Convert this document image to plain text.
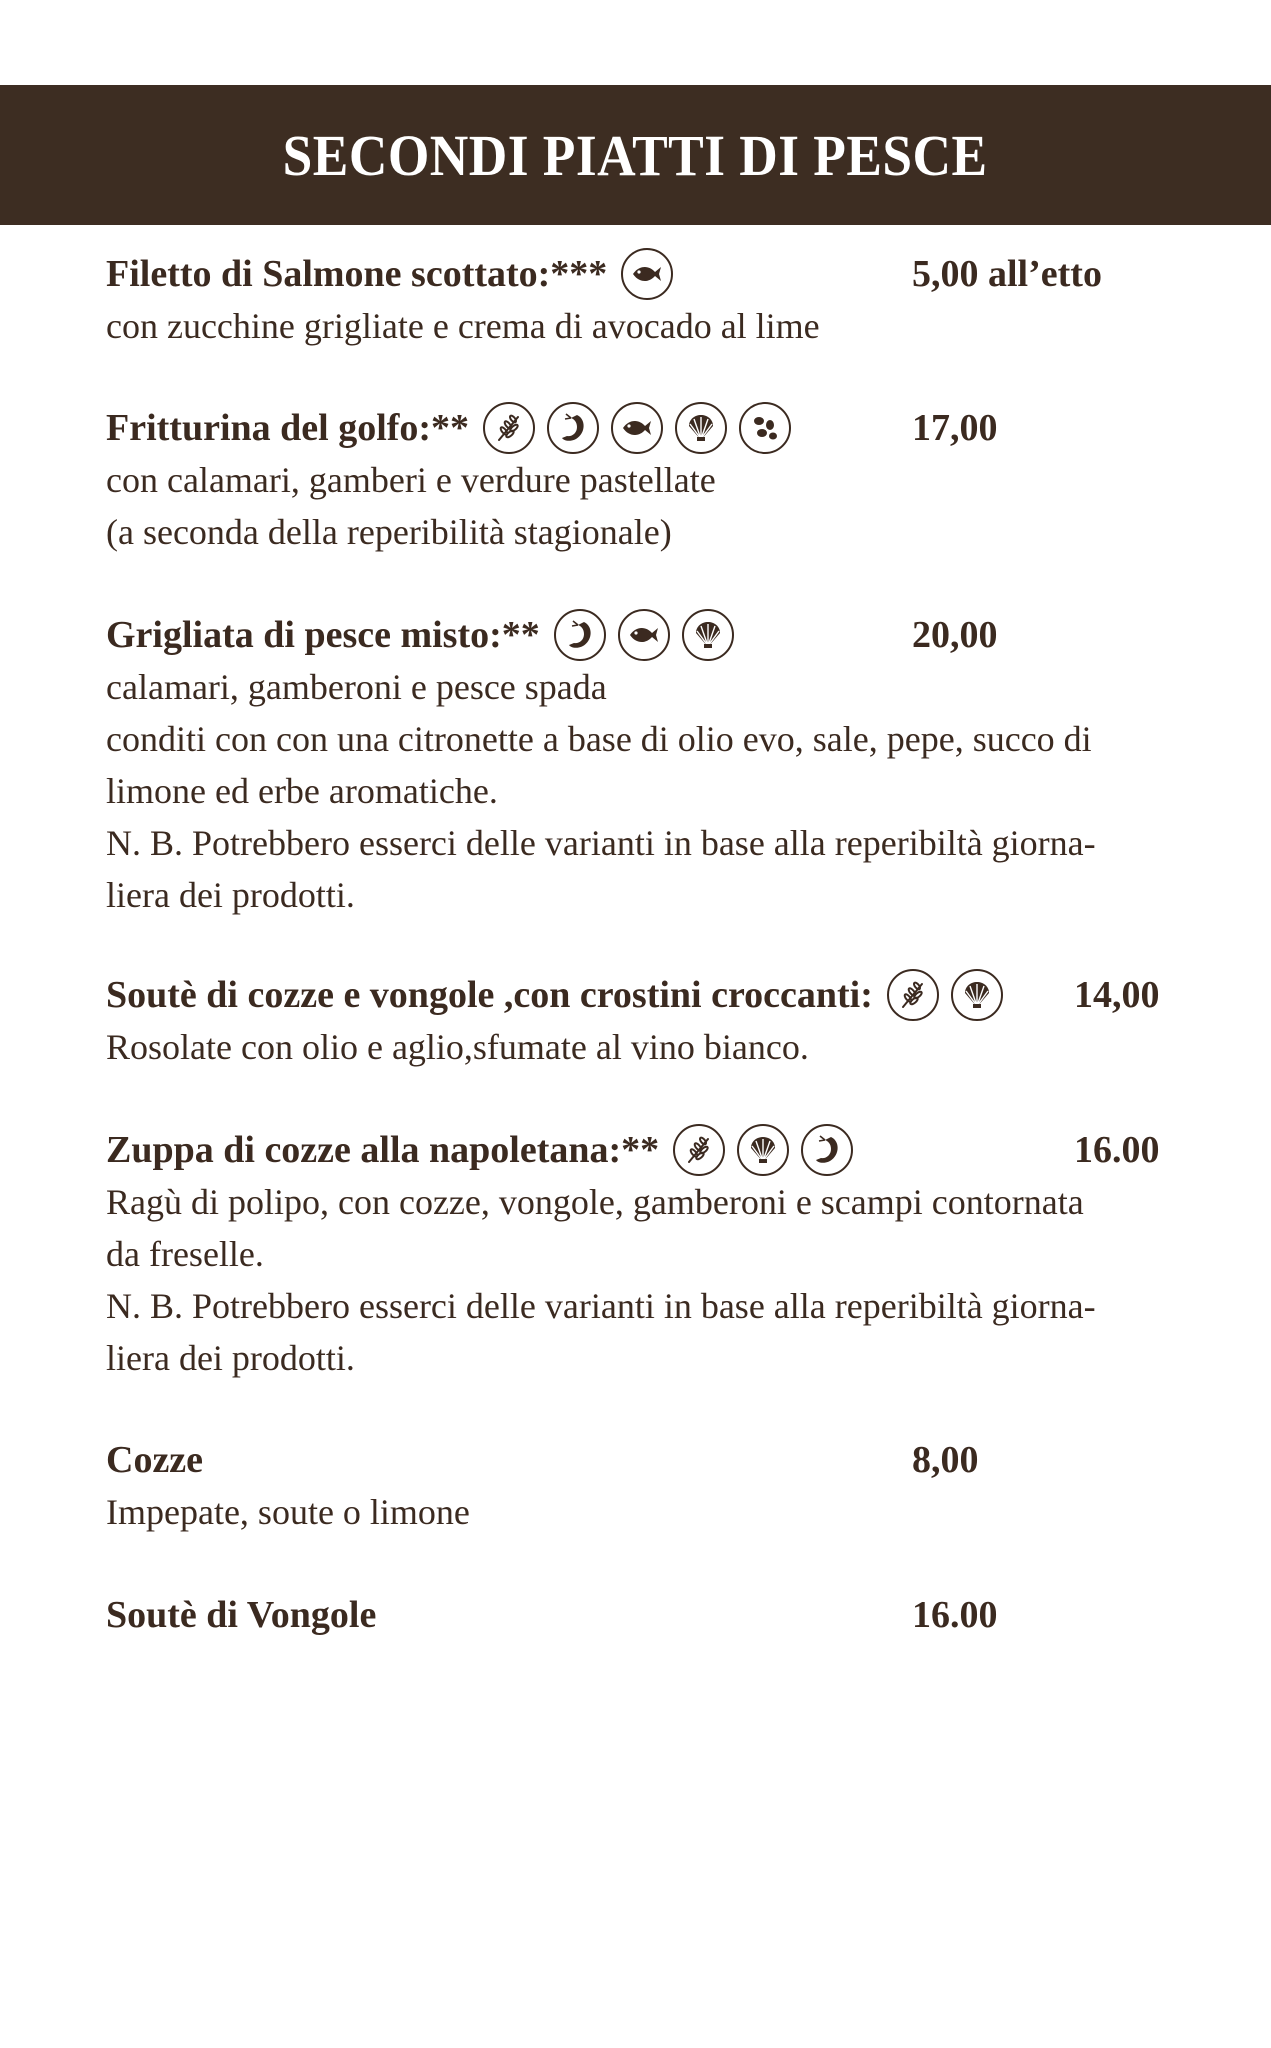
SECONDI PIATTI DI PESCE
Filetto di Salmone scottato:***	5,00 all’etto
con zucchine grigliate e crema di avocado al lime
Fritturina del golfo:**	17,00
con calamari, gamberi e verdure pastellate
(a seconda della reperibilità stagionale)
Grigliata di pesce misto:**	20,00
calamari, gamberoni e pesce spada
conditi con con una citronette a base di olio evo, sale, pepe, succo di
limone ed erbe aromatiche.
N. B. Potrebbero esserci delle varianti in base alla reperibiltà giorna-
liera dei prodotti.
Soutè di cozze e vongole ,con crostini croccanti:	14,00
Rosolate con olio e aglio,sfumate al vino bianco.
Zuppa di cozze alla napoletana:**	16.00
Ragù di polipo, con cozze, vongole, gamberoni e scampi contornata
da freselle.
N. B. Potrebbero esserci delle varianti in base alla reperibiltà giorna-
liera dei prodotti.
Cozze	8,00
Impepate, soute o limone
Soutè di Vongole	16.00
